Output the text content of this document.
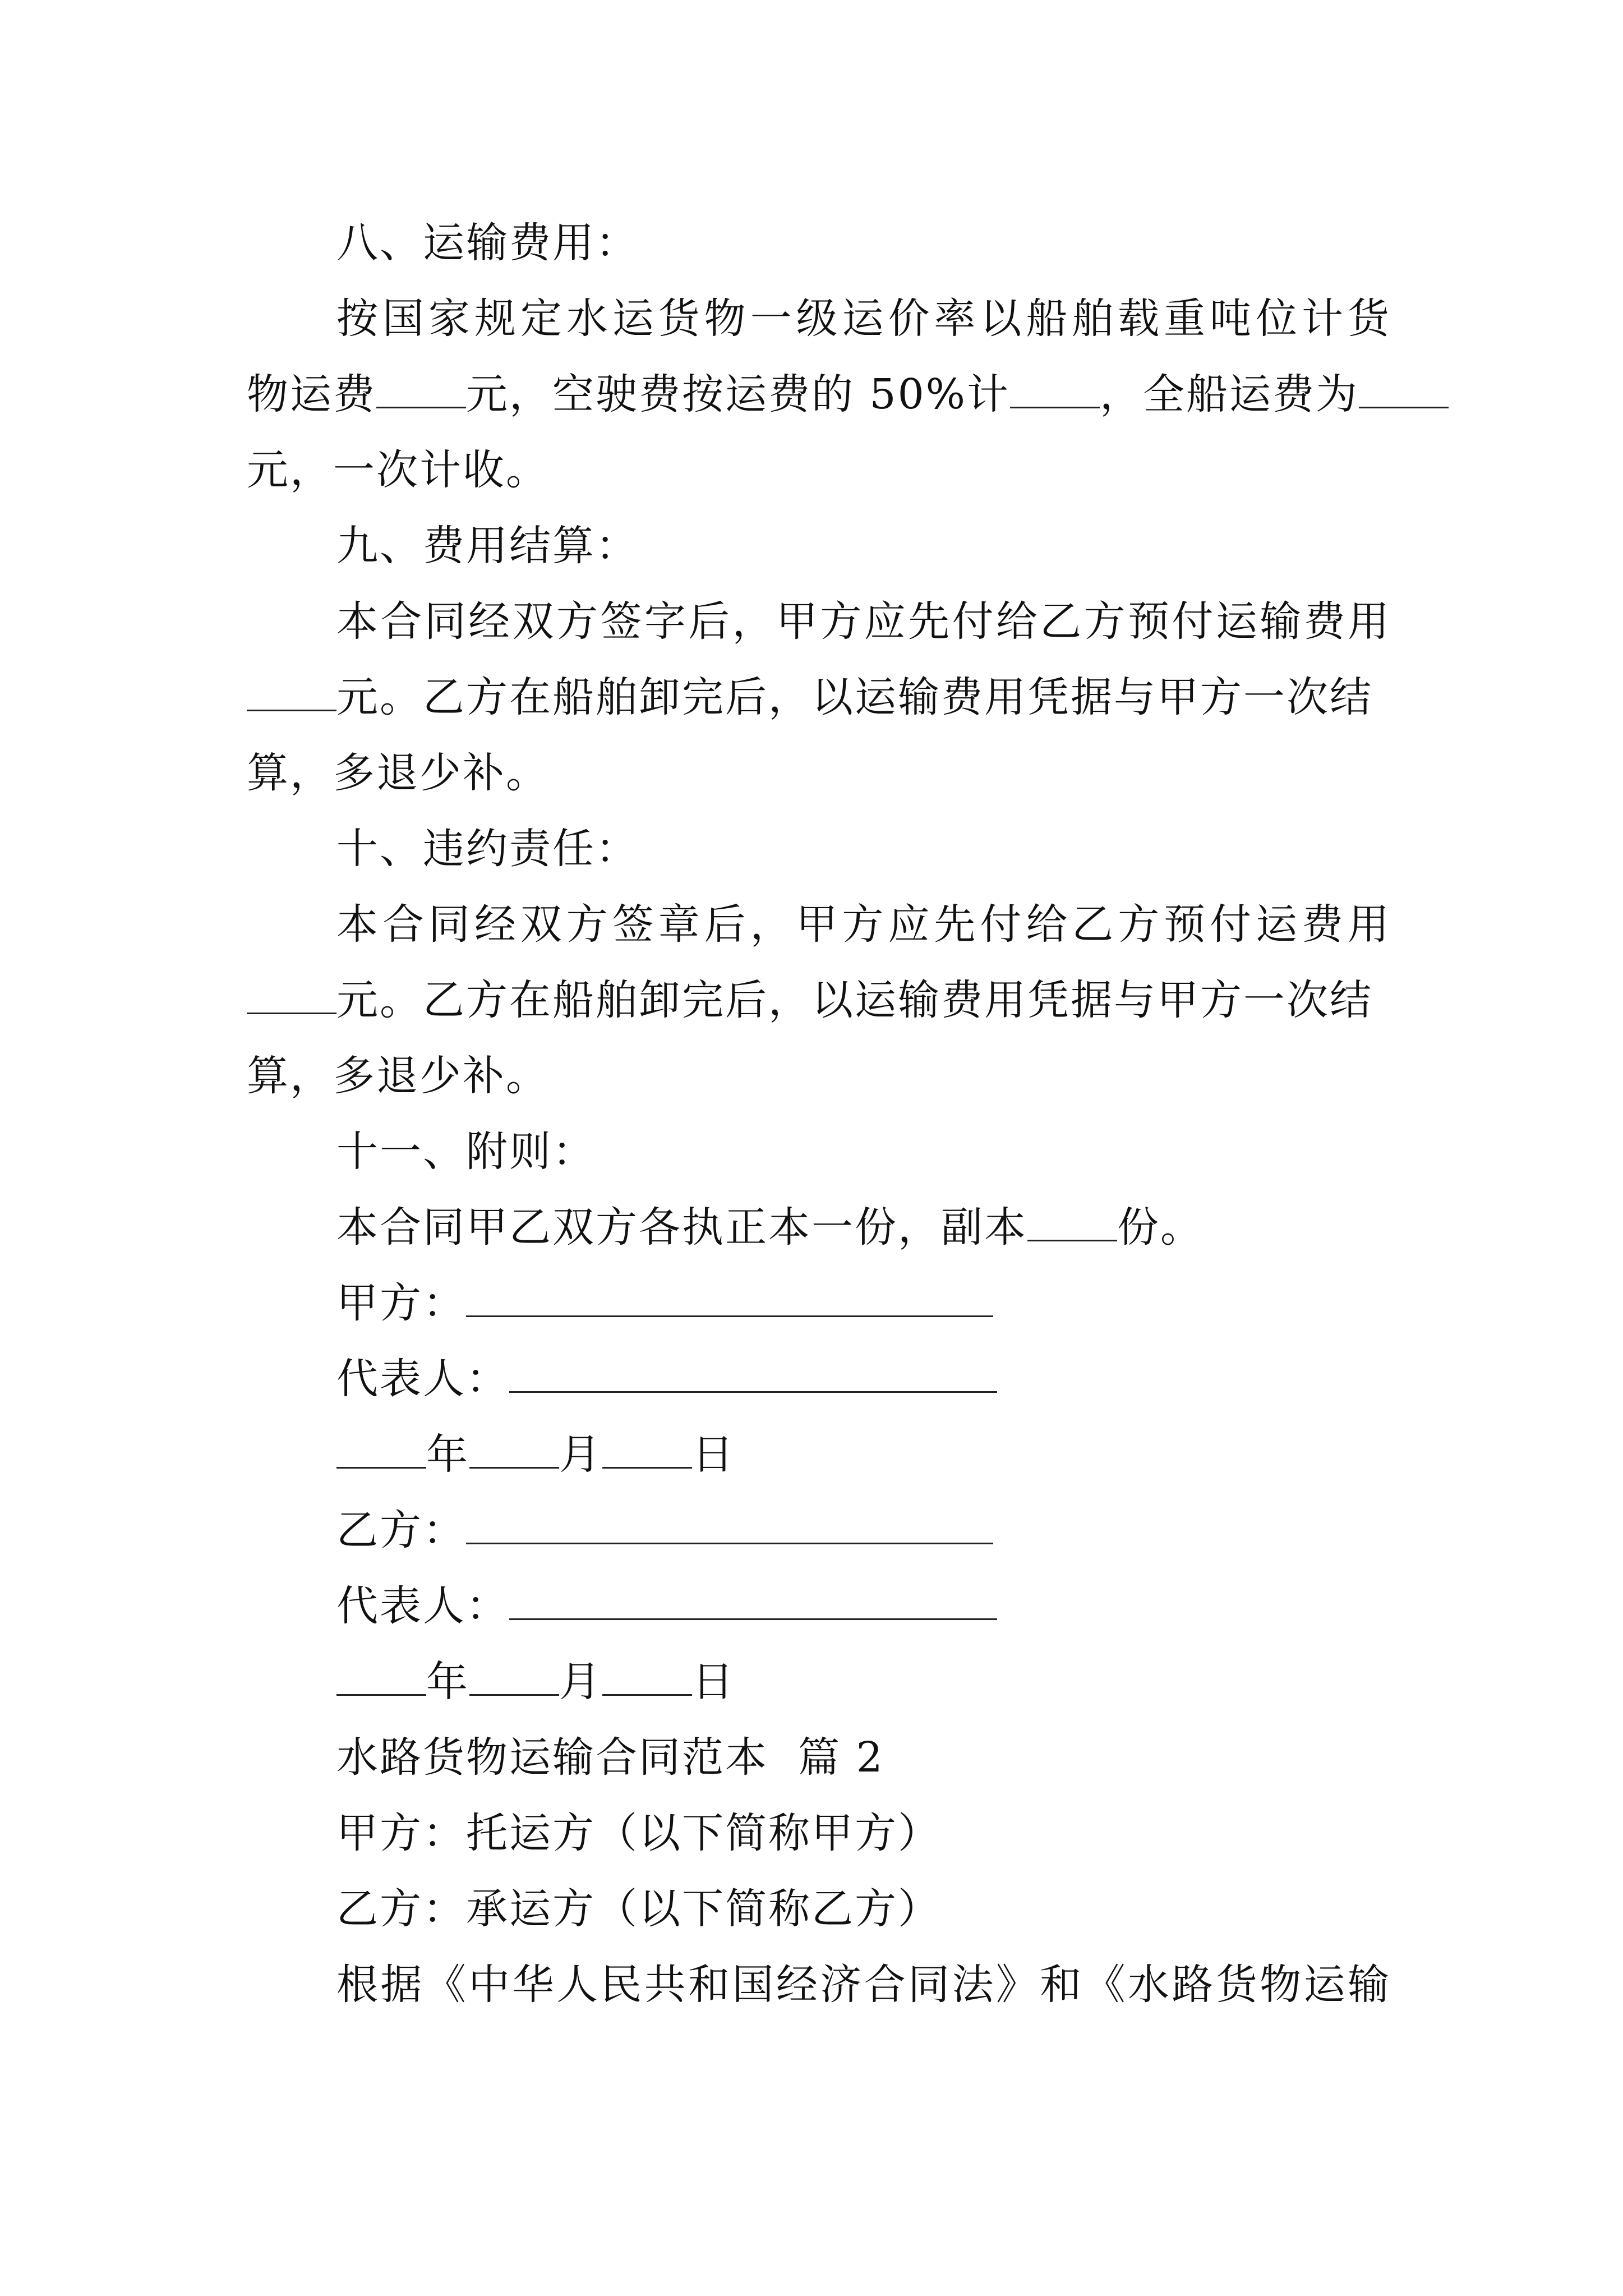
八、运输费用：
按国家规定水运货物一级运价率以船舶载重吨位计货
物运费 元，空驶费按运费的 50%计 ，全船运费为
元，一次计收。
九、费用结算：
本合同经双方签字后，甲方应先付给乙方预付运输费用
元。乙方在船舶卸完后，以运输费用凭据与甲方一次结
算，多退少补。
十、违约责任：
本合同经双方签章后，甲方应先付给乙方预付运费用
元。乙方在船舶卸完后，以运输费用凭据与甲方一次结
算，多退少补。
十一、附则：
本合同甲乙双方各执正本一份，副本 份。
甲方：
代表人：
年 月 日
乙方：
代表人：
年 月 日
水路货物运输合同范本  篇 2
甲方：托运方（以下简称甲方）
乙方：承运方（以下简称乙方）
根据《中华人民共和国经济合同法》和《水路货物运输
